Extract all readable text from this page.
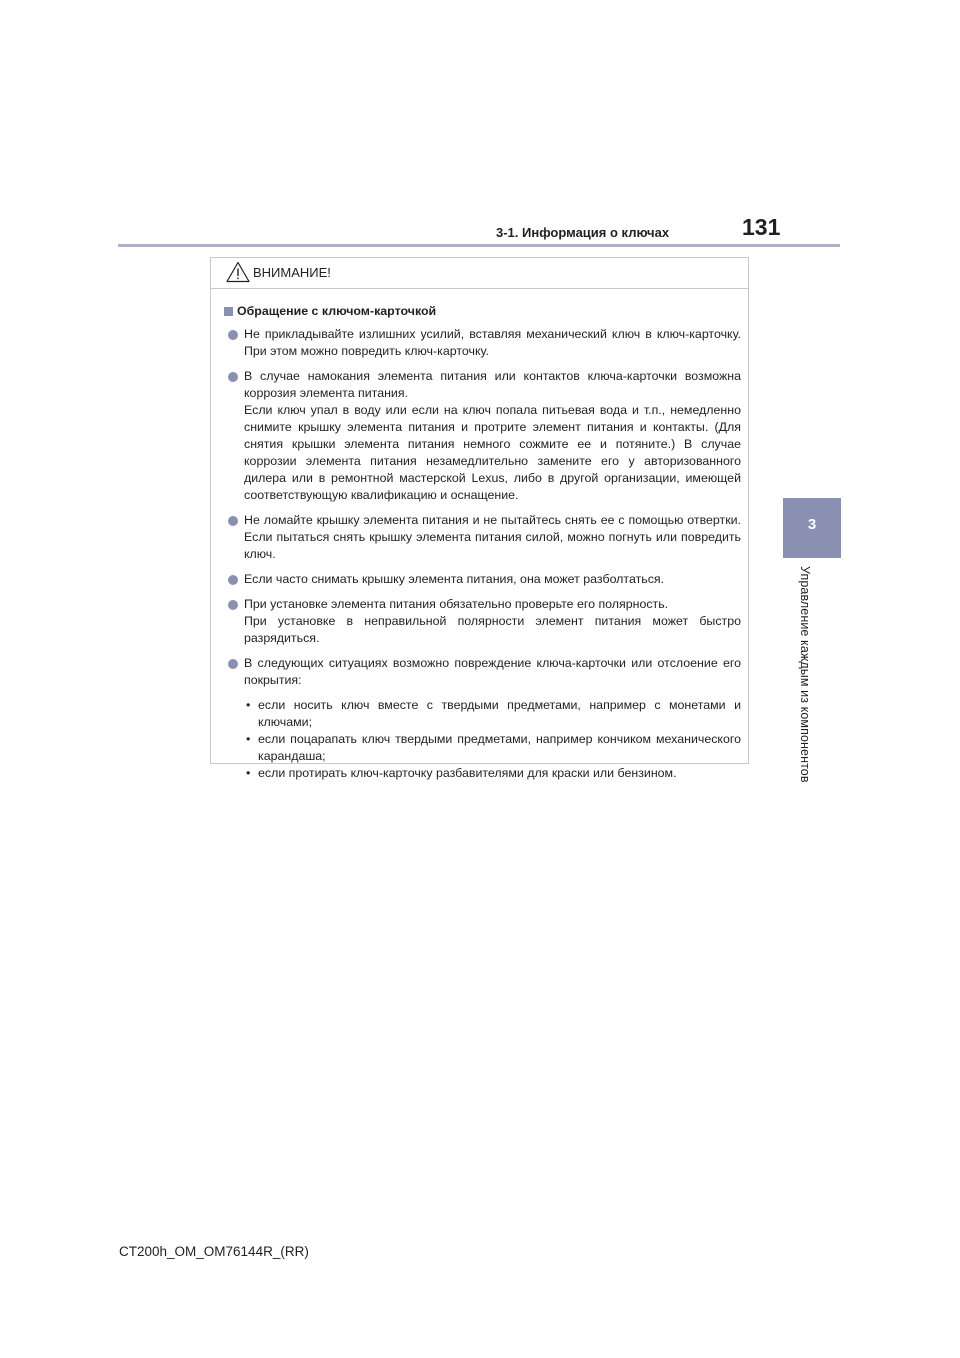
3-1. Информация о ключах	131
3
Управление каждым из компонентов
ВНИМАНИЕ!
Обращение с ключом-карточкой

Не прикладывайте излишних усилий, вставляя механический ключ в ключ-карточку. При этом можно повредить ключ-карточку.

В случае намокания элемента питания или контактов ключа-карточки возможна коррозия элемента питания.

Если ключ упал в воду или если на ключ попала питьевая вода и т.п., немедленно снимите крышку элемента питания и протрите элемент питания и контакты. (Для снятия крышки элемента питания немного сожмите ее и потяните.) В случае коррозии элемента питания незамедлительно замените его у авторизованного дилера или в ремонтной мастерской Lexus, либо в другой организации, имеющей соответствующую квалификацию и оснащение.

Не ломайте крышку элемента питания и не пытайтесь снять ее с помощью отвертки. Если пытаться снять крышку элемента питания силой, можно погнуть или повредить ключ.

Если часто снимать крышку элемента питания, она может разболтаться.

При установке элемента питания обязательно проверьте его полярность.

При установке в неправильной полярности элемент питания может быстро разрядиться.

В следующих ситуациях возможно повреждение ключа-карточки или отслоение его покрытия:

• если носить ключ вместе с твердыми предметами, например с монетами и ключами;
• если поцарапать ключ твердыми предметами, например кончиком механического карандаша;
• если протирать ключ-карточку разбавителями для краски или бензином.
CT200h_OM_OM76144R_(RR)
